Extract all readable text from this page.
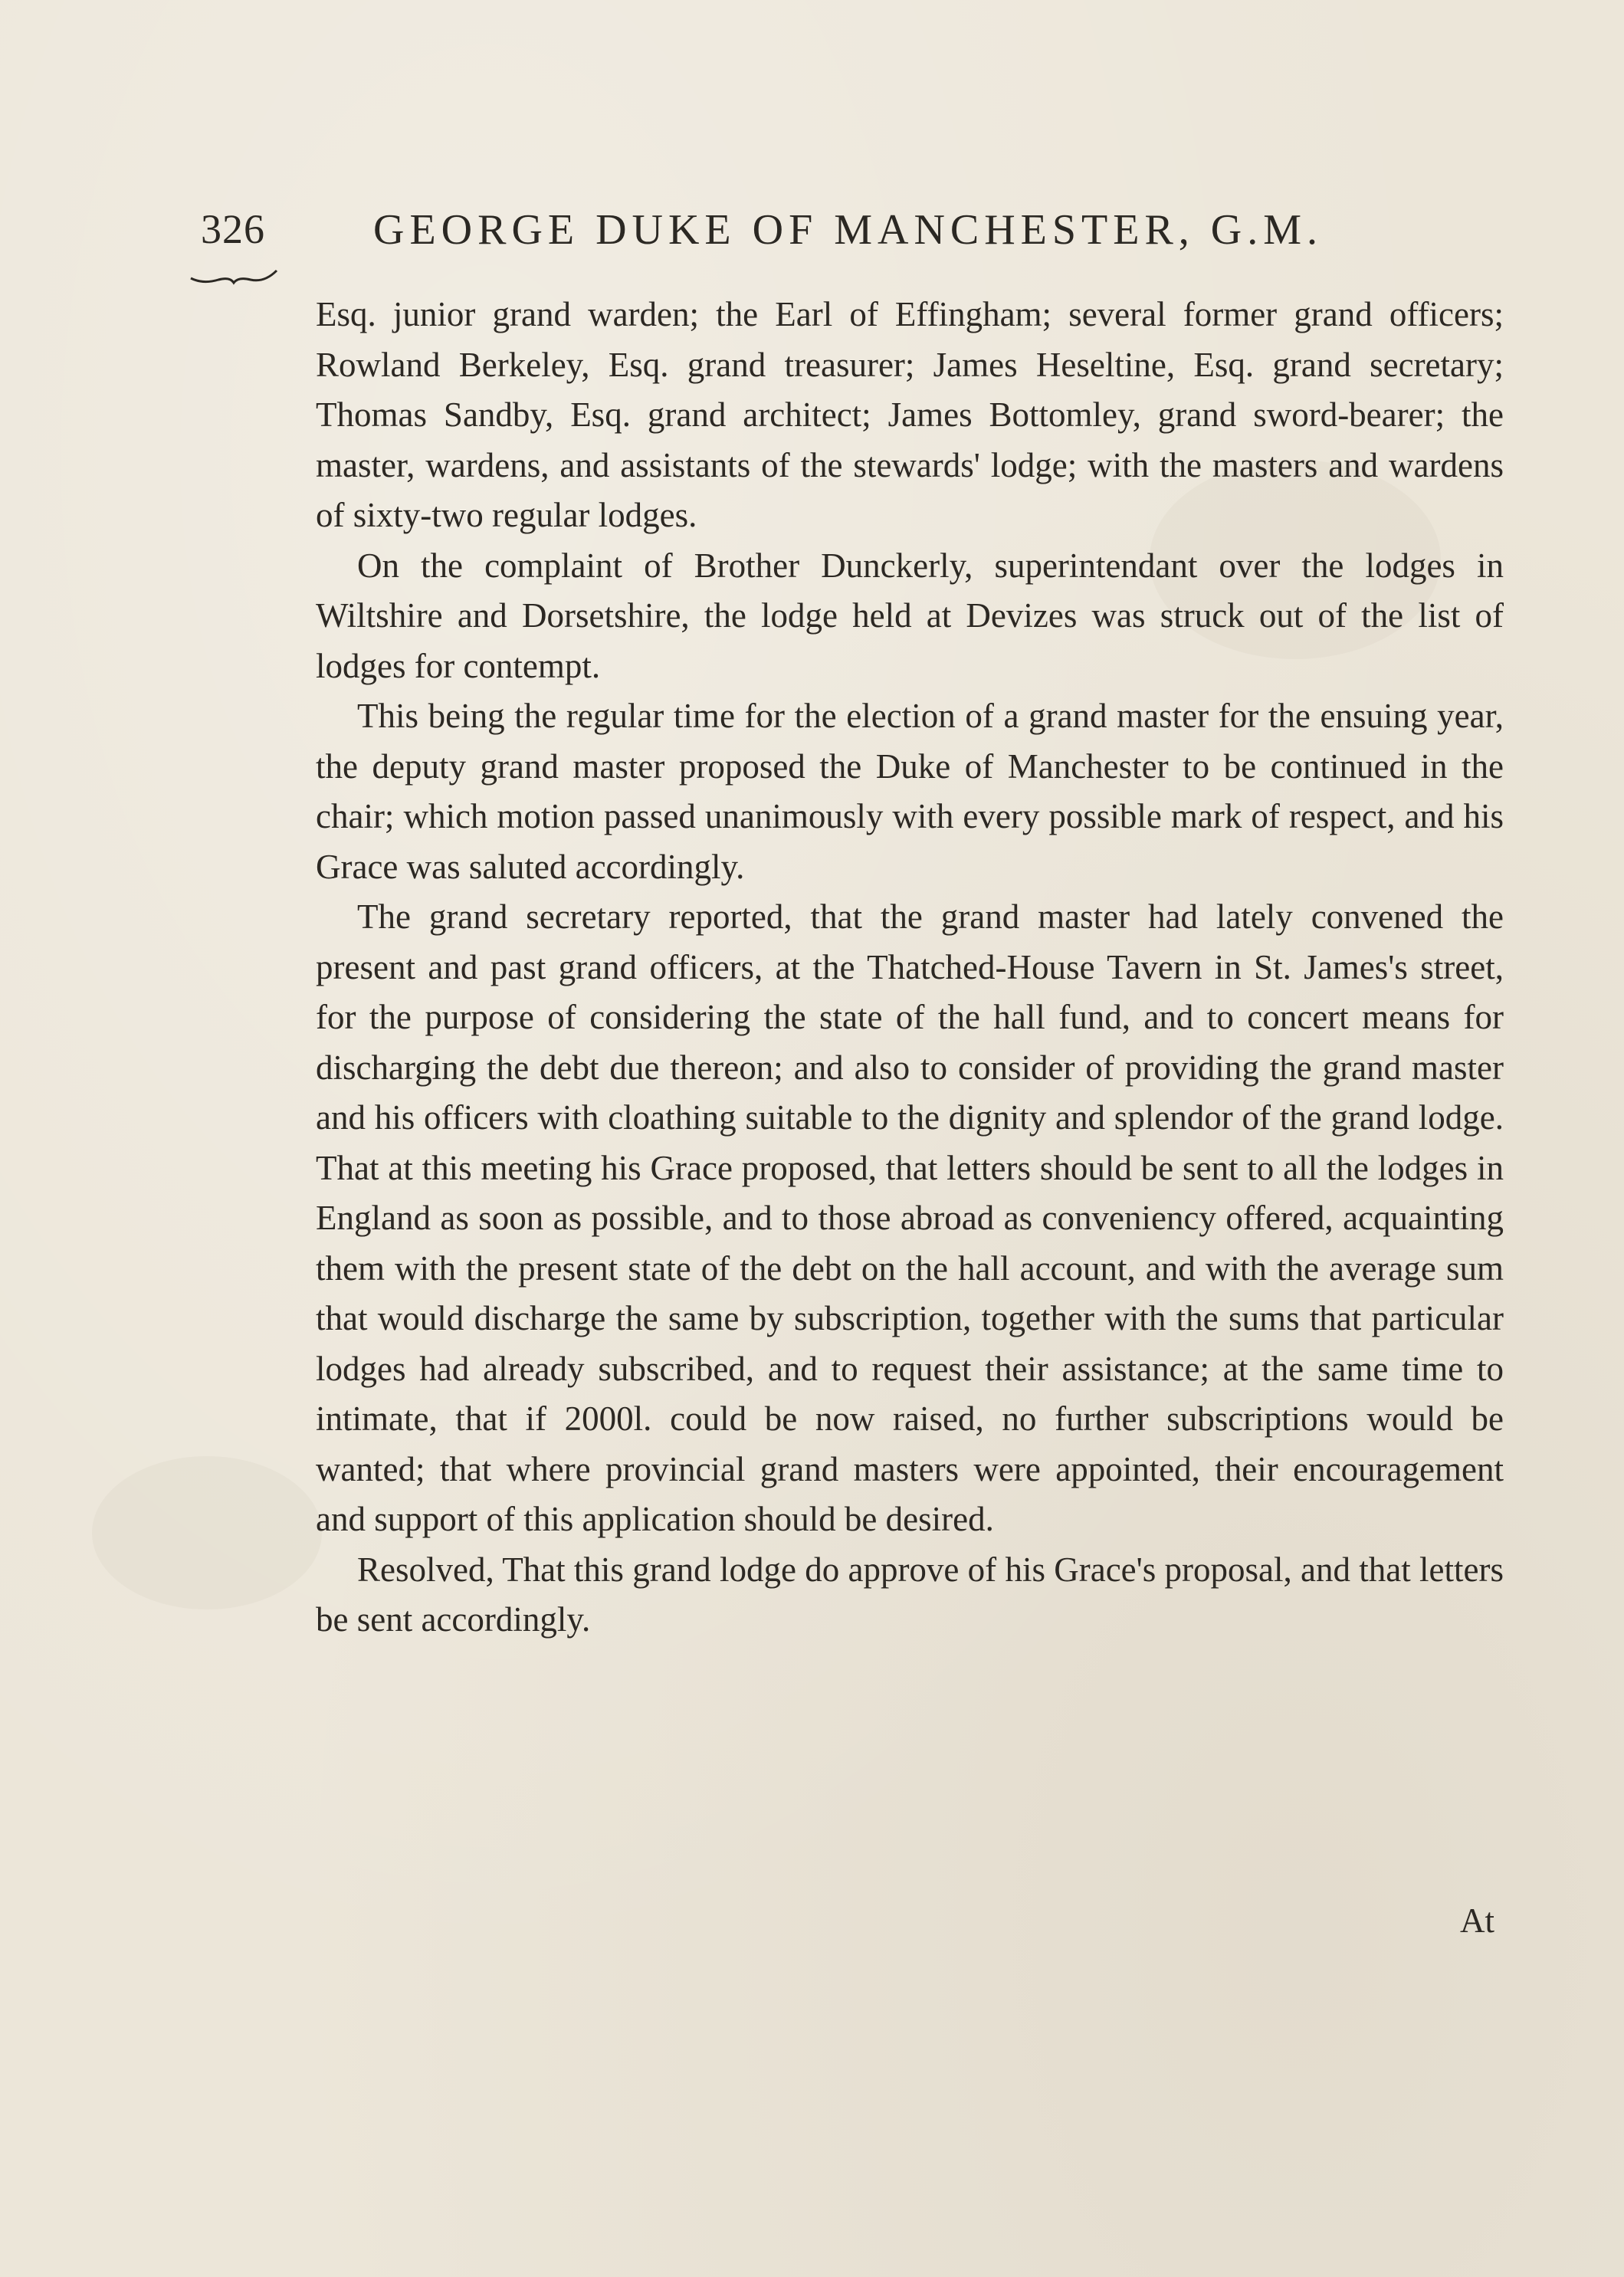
326	GEORGE DUKE OF MANCHESTER, G.M.

Esq. junior grand warden; the Earl of Effingham; several former grand officers; Rowland Berkeley, Esq. grand treasurer; James Heseltine, Esq. grand secretary; Thomas Sandby, Esq. grand architect; James Bottomley, grand sword-bearer; the master, wardens, and assistants of the stewards' lodge; with the masters and wardens of sixty-two regular lodges.

On the complaint of Brother Dunckerly, superintendant over the lodges in Wiltshire and Dorsetshire, the lodge held at Devizes was struck out of the list of lodges for contempt.

This being the regular time for the election of a grand master for the ensuing year, the deputy grand master proposed the Duke of Manchester to be continued in the chair; which motion passed unanimously with every possible mark of respect, and his Grace was saluted accordingly.

The grand secretary reported, that the grand master had lately convened the present and past grand officers, at the Thatched-House Tavern in St. James's street, for the purpose of considering the state of the hall fund, and to concert means for discharging the debt due thereon; and also to consider of providing the grand master and his officers with cloathing suitable to the dignity and splendor of the grand lodge. That at this meeting his Grace proposed, that letters should be sent to all the lodges in England as soon as possible, and to those abroad as conveniency offered, acquainting them with the present state of the debt on the hall account, and with the average sum that would discharge the same by subscription, together with the sums that particular lodges had already subscribed, and to request their assistance; at the same time to intimate, that if 2000l. could be now raised, no further subscriptions would be wanted; that where provincial grand masters were appointed, their encouragement and support of this application should be desired.

Resolved, That this grand lodge do approve of his Grace's proposal, and that letters be sent accordingly.

At
